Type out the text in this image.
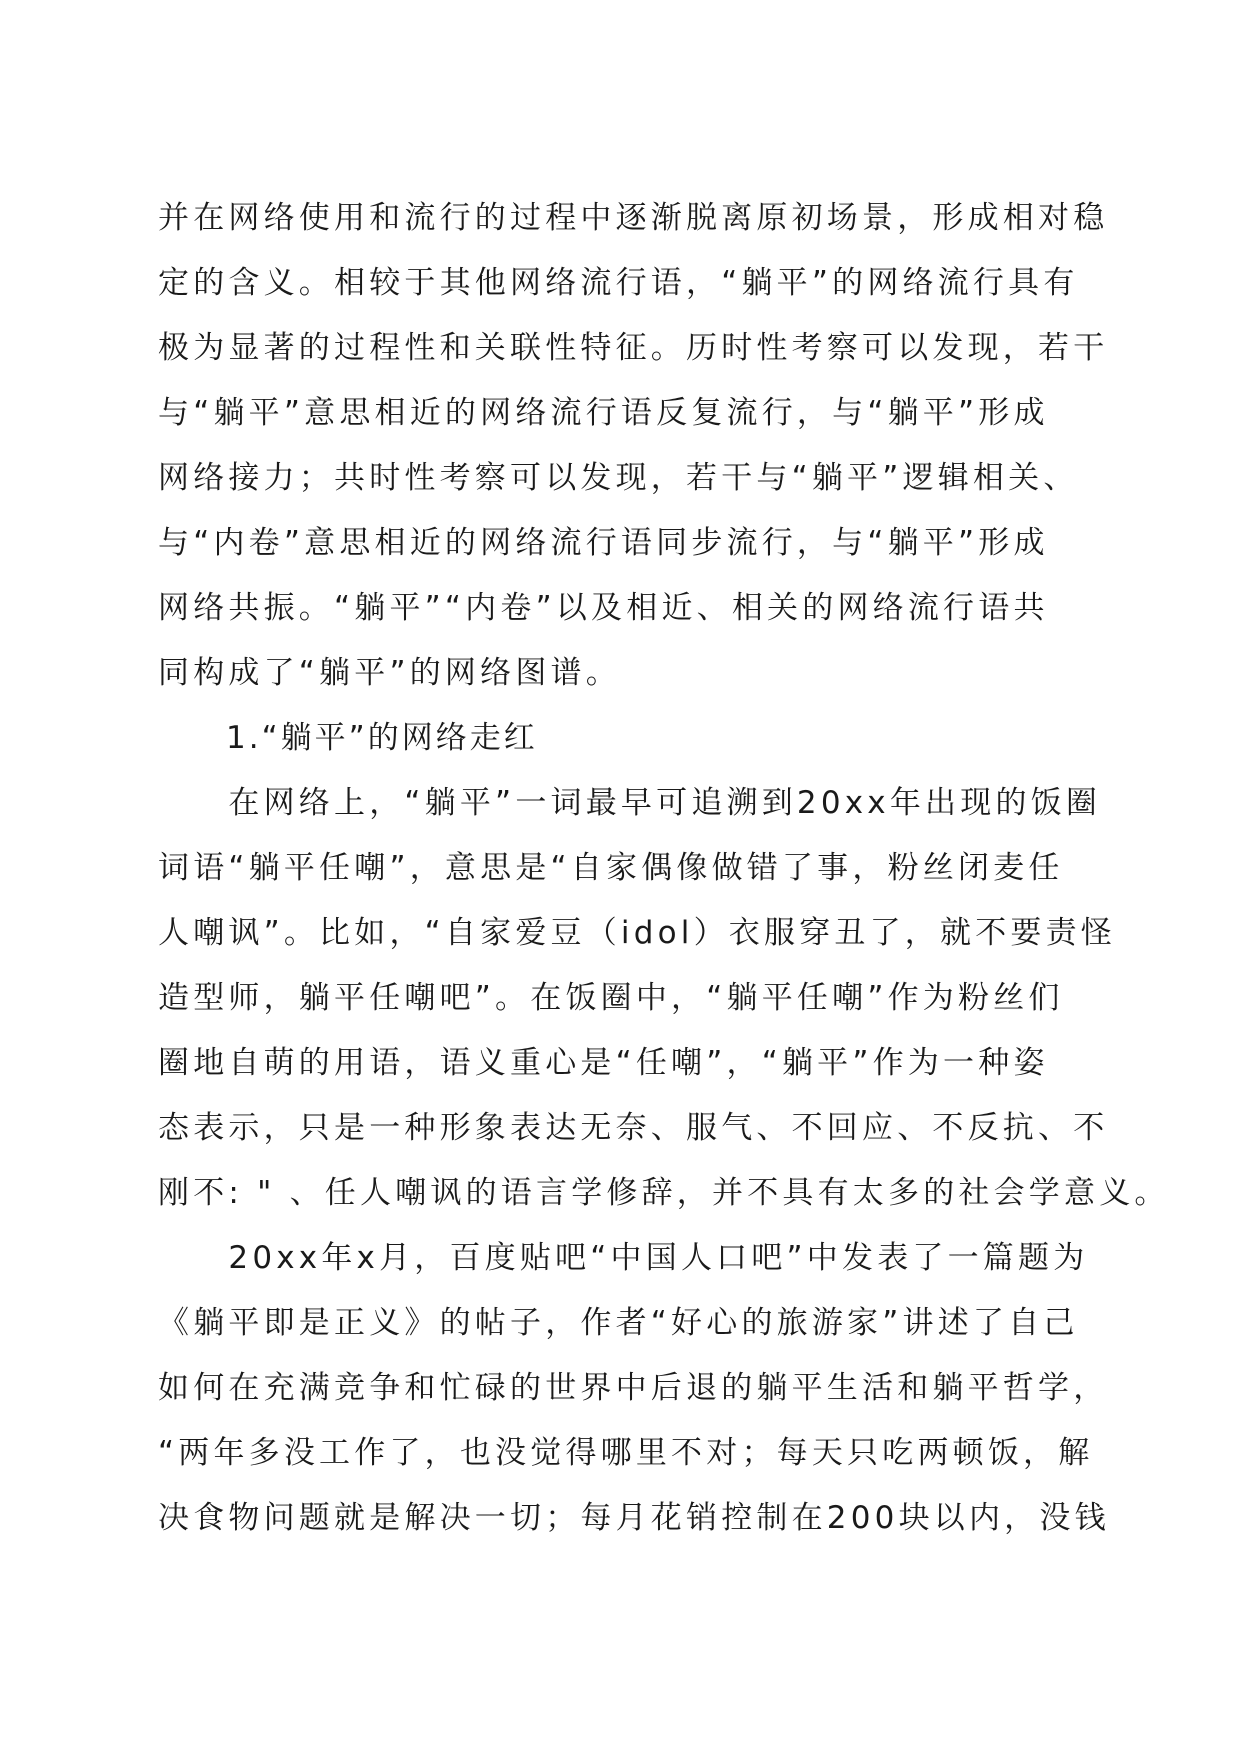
并在网络使用和流行的过程中逐渐脱离原初场景，形成相对稳
定的含义。相较于其他网络流行语，“躺平”的网络流行具有
极为显著的过程性和关联性特征。历时性考察可以发现，若干
与“躺平”意思相近的网络流行语反复流行，与“躺平”形成
网络接力；共时性考察可以发现，若干与“躺平”逻辑相关、
与“内卷”意思相近的网络流行语同步流行，与“躺平”形成
网络共振。“躺平”“内卷”以及相近、相关的网络流行语共
同构成了“躺平”的网络图谱。
　　1.“躺平”的网络走红
　　在网络上，“躺平”一词最早可追溯到20xx年出现的饭圈
词语“躺平任嘲”，意思是“自家偶像做错了事，粉丝闭麦任
人嘲讽”。比如，“自家爱豆（idol）衣服穿丑了，就不要责怪
造型师，躺平任嘲吧”。在饭圈中，“躺平任嘲”作为粉丝们
圈地自萌的用语，语义重心是“任嘲”，“躺平”作为一种姿
态表示，只是一种形象表达无奈、服气、不回应、不反抗、不
刚不: " 、任人嘲讽的语言学修辞，并不具有太多的社会学意义。
　　20xx年x月，百度贴吧“中国人口吧”中发表了一篇题为
《躺平即是正义》的帖子，作者“好心的旅游家”讲述了自己
如何在充满竞争和忙碌的世界中后退的躺平生活和躺平哲学，
“两年多没工作了，也没觉得哪里不对；每天只吃两顿饭，解
决食物问题就是解决一切；每月花销控制在200块以内，没钱
